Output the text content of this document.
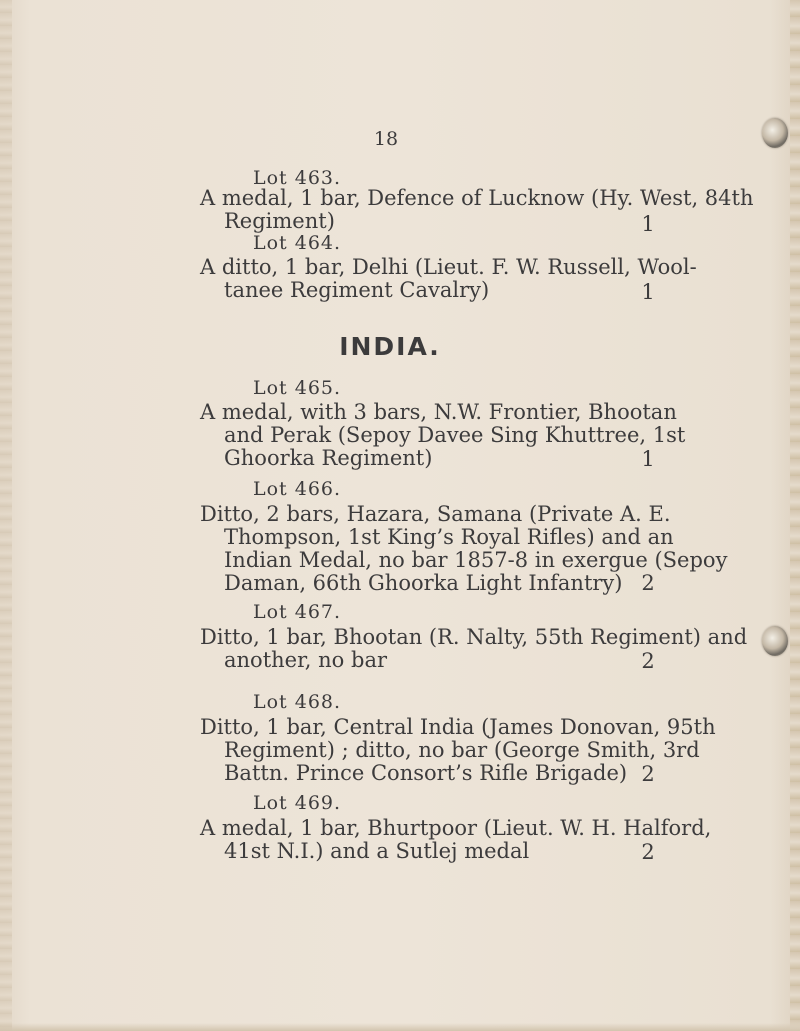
18
Lot 463.
A medal, 1 bar, Defence of Lucknow (Hy. West, 84th
Regiment)	1
Lot 464.
A ditto, 1 bar, Delhi (Lieut. F. W. Russell, Wool-
tanee Regiment Cavalry)	1
INDIA.
Lot 465.
A medal, with 3 bars, N.W. Frontier, Bhootan
and Perak (Sepoy Davee Sing Khuttree, 1st
Ghoorka Regiment)	1
Lot 466.
Ditto, 2 bars, Hazara, Samana (Private A. E.
Thompson, 1st King’s Royal Rifles) and an
Indian Medal, no bar 1857-8 in exergue (Sepoy
Daman, 66th Ghoorka Light Infantry) 2
Lot 467.
Ditto, 1 bar, Bhootan (R. Nalty, 55th Regiment) and
another, no bar	2
Lot 468.
Ditto, 1 bar, Central India (James Donovan, 95th
Regiment) ; ditto, no bar (George Smith, 3rd
Battn. Prince Consort’s Rifle Brigade) 2
Lot 469.
A medal, 1 bar, Bhurtpoor (Lieut. W. H. Halford,
41st N.I.) and a Sutlej medal	2
